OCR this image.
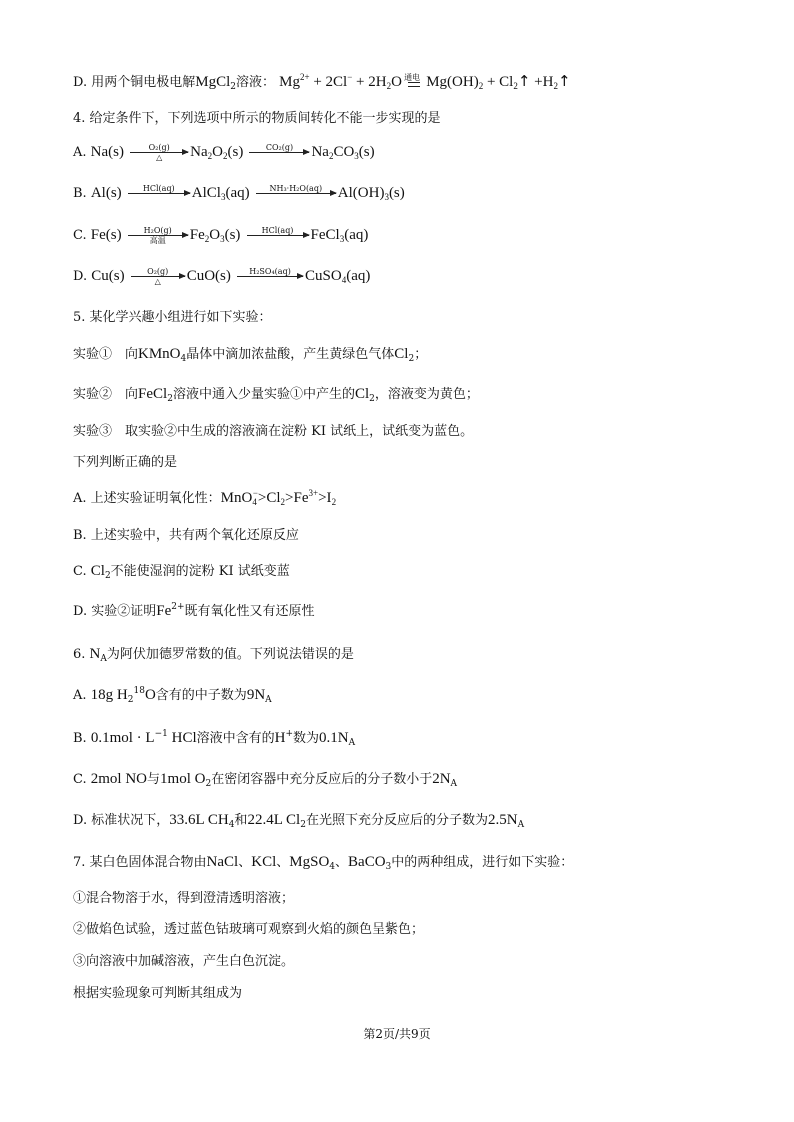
D. 用两个铜电极电解MgCl$_2$溶液： $Mg^{2+} + 2Cl^- + 2H_2O$ 通电 $Mg(OH)_2$ + $Cl_2↑$ $+H_2↑$
4. 给定条件下，下列选项中所示的物质间转化不能一步实现的是
A. Na(s)	O₂(g)
△	$Na_2O_2(s)$	CO₂(g)	$Na_2CO_3(s)$
B. Al(s)	HCl(aq)	AlCl$_3$(aq)	NH₃·H₂O(aq)	$Al(OH)_3(s)$
C. Fe(s)	H₂O(g)
高温	$Fe_2O_3(s)$	HCl(aq)	FeCl$_3$(aq)
D. Cu(s)	O₂(g)
△	CuO(s)	H₂SO₄(aq) CuSO$_4$(aq)
5. 某化学兴趣小组进行如下实验：
实验①　向KMnO$_4$晶体中滴加浓盐酸，产生黄绿色气体$Cl_2$；
实验②　向FeCl$_2$溶液中通入少量实验①中产生的$Cl_2$，溶液变为黄色；
实验③　取实验②中生成的溶液滴在淀粉 KI 试纸上，试纸变为蓝色。
下列判断正确的是
A. 上述实验证明氧化性：$MnO_4^->Cl_2>Fe^{3+}>I_2$
B. 上述实验中，共有两个氧化还原反应
C. $Cl_2$不能使湿润的淀粉 KI 试纸变蓝
D. 实验②证明$Fe^{2+}$既有氧化性又有还原性
6. $N_A$为阿伏加德罗常数的值。下列说法错误的是
A. 18g $H_2^{18}O$含有的中子数为$9N_A$
B. $0.1mol \cdot L^{-1}$ HCl溶液中含有的H+数为$0.1N_A$
C. 2mol NO与1mol $O_2$在密闭容器中充分反应后的分子数小于$2N_A$
D. 标准状况下，33.6L $CH_4$和22.4L $Cl_2$在光照下充分反应后的分子数为$2.5N_A$
7. 某白色固体混合物由NaCl、KCl、MgSO$_4$、BaCO$_3$中的两种组成，进行如下实验：
①混合物溶于水，得到澄清透明溶液；
②做焰色试验，透过蓝色钴玻璃可观察到火焰的颜色呈紫色；
③向溶液中加碱溶液，产生白色沉淀。
根据实验现象可判断其组成为
第2页/共9页
